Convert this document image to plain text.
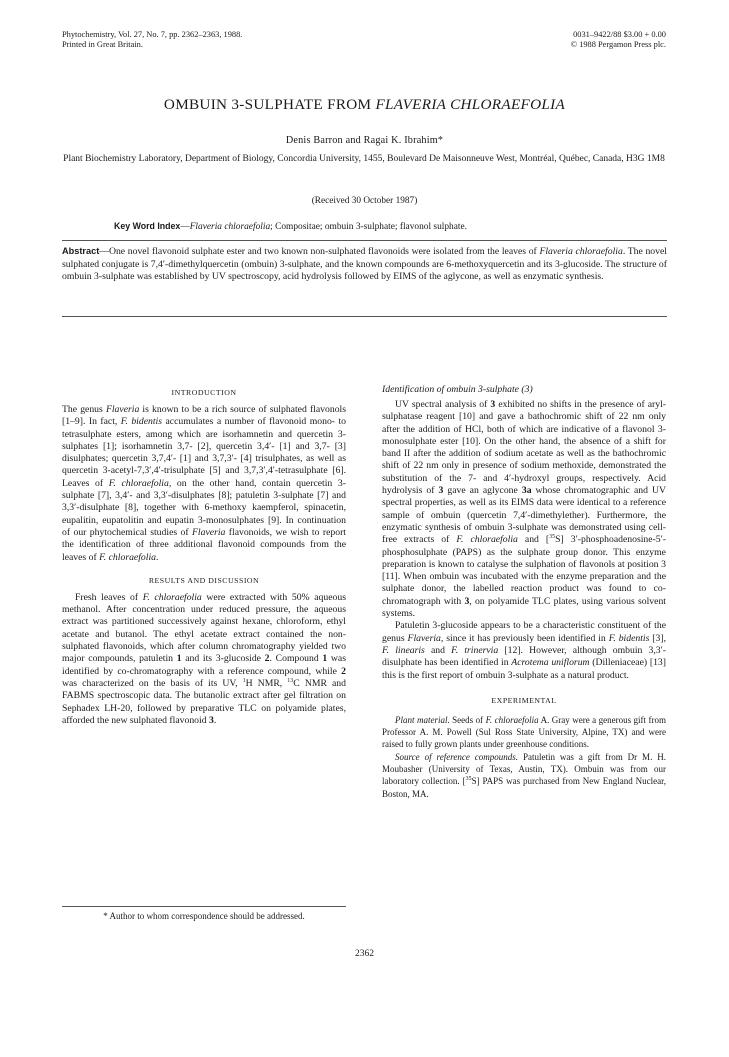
Phytochemistry, Vol. 27, No. 7, pp. 2362–2363, 1988.
Printed in Great Britain.
0031–9422/88 $3.00 + 0.00
© 1988 Pergamon Press plc.
OMBUIN 3-SULPHATE FROM FLAVERIA CHLORAEFOLIA
Denis Barron and Ragai K. Ibrahim*
Plant Biochemistry Laboratory, Department of Biology, Concordia University, 1455, Boulevard De Maisonneuve West, Montréal, Québec, Canada, H3G 1M8
(Received 30 October 1987)
Key Word Index—Flaveria chloraefolia; Compositae; ombuin 3-sulphate; flavonol sulphate.
Abstract—One novel flavonoid sulphate ester and two known non-sulphated flavonoids were isolated from the leaves of Flaveria chloraefolia. The novel sulphated conjugate is 7,4′-dimethylquercetin (ombuin) 3-sulphate, and the known compounds are 6-methoxyquercetin and its 3-glucoside. The structure of ombuin 3-sulphate was established by UV spectroscopy, acid hydrolysis followed by EIMS of the aglycone, as well as enzymatic synthesis.

INTRODUCTION

The genus Flaveria is known to be a rich source of sulphated flavonols [1–9]. In fact, F. bidentis accumulates a number of flavonoid mono- to tetrasulphate esters, among which are isorhamnetin and quercetin 3-sulphates [1]; isorhamnetin 3,7- [2], quercetin 3,4′- [1] and 3,7- [3] disulphates; quercetin 3,7,4′- [1] and 3,7,3′- [4] trisulphates, as well as quercetin 3-acetyl-7,3′,4′-trisulphate [5] and 3,7,3′,4′-tetrasulphate [6]. Leaves of F. chloraefolia, on the other hand, contain quercetin 3-sulphate [7], 3,4′- and 3,3′-disulphates [8]; patuletin 3-sulphate [7] and 3,3′-disulphate [8], together with 6-methoxy kaempferol, spinacetin, eupalitin, eupatolitin and eupatin 3-monosulphates [9]. In continuation of our phytochemical studies of Flaveria flavonoids, we wish to report the identification of three additional flavonoid compounds from the leaves of F. chloraefolia.

RESULTS AND DISCUSSION

Fresh leaves of F. chloraefolia were extracted with 50% aqueous methanol. After concentration under reduced pressure, the aqueous extract was partitioned successively against hexane, chloroform, ethyl acetate and butanol. The ethyl acetate extract contained the non-sulphated flavonoids, which after column chromatography yielded two major compounds, patuletin 1 and its 3-glucoside 2. Compound 1 was identified by co-chromatography with a reference compound, while 2 was characterized on the basis of its UV, $^1$H NMR, $^{13}$C NMR and FABMS spectroscopic data. The butanolic extract after gel filtration on Sephadex LH-20, followed by preparative TLC on polyamide plates, afforded the new sulphated flavonoid 3.

* Author to whom correspondence should be addressed.

Identification of ombuin 3-sulphate (3)

UV spectral analysis of 3 exhibited no shifts in the presence of aryl-sulphatase reagent [10] and gave a bathochromic shift of 22 nm only after the addition of HCl, both of which are indicative of a flavonol 3-monosulphate ester [10]. On the other hand, the absence of a shift for band II after the addition of sodium acetate as well as the bathochromic shift of 22 nm only in presence of sodium methoxide, demonstrated the substitution of the 7- and 4′-hydroxyl groups, respectively. Acid hydrolysis of 3 gave an aglycone 3a whose chromatographic and UV spectral properties, as well as its EIMS data were identical to a reference sample of ombuin (quercetin 7,4′-dimethylether). Furthermore, the enzymatic synthesis of ombuin 3-sulphate was demonstrated using cell-free extracts of F. chloraefolia and [$^{35}$S] 3′-phosphoadenosine-5′-phosphosulphate (PAPS) as the sulphate group donor. This enzyme preparation is known to catalyse the sulphation of flavonols at position 3 [11]. When ombuin was incubated with the enzyme preparation and the sulphate donor, the labelled reaction product was found to co-chromatograph with 3, on polyamide TLC plates, using various solvent systems.

Patuletin 3-glucoside appears to be a characteristic constituent of the genus Flaveria, since it has previously been identified in F. bidentis [3], F. linearis and F. trinervia [12]. However, although ombuin 3,3′-disulphate has been identified in Acrotema uniflorum (Dilleniaceae) [13] this is the first report of ombuin 3-sulphate as a natural product.

EXPERIMENTAL

Plant material. Seeds of F. chloraefolia A. Gray were a generous gift from Professor A. M. Powell (Sul Ross State University, Alpine, TX) and were raised to fully grown plants under greenhouse conditions.

Source of reference compounds. Patuletin was a gift from Dr M. H. Moubasher (University of Texas, Austin, TX). Ombuin was from our laboratory collection. [$^{35}$S] PAPS was purchased from New England Nuclear, Boston, MA.

2362
